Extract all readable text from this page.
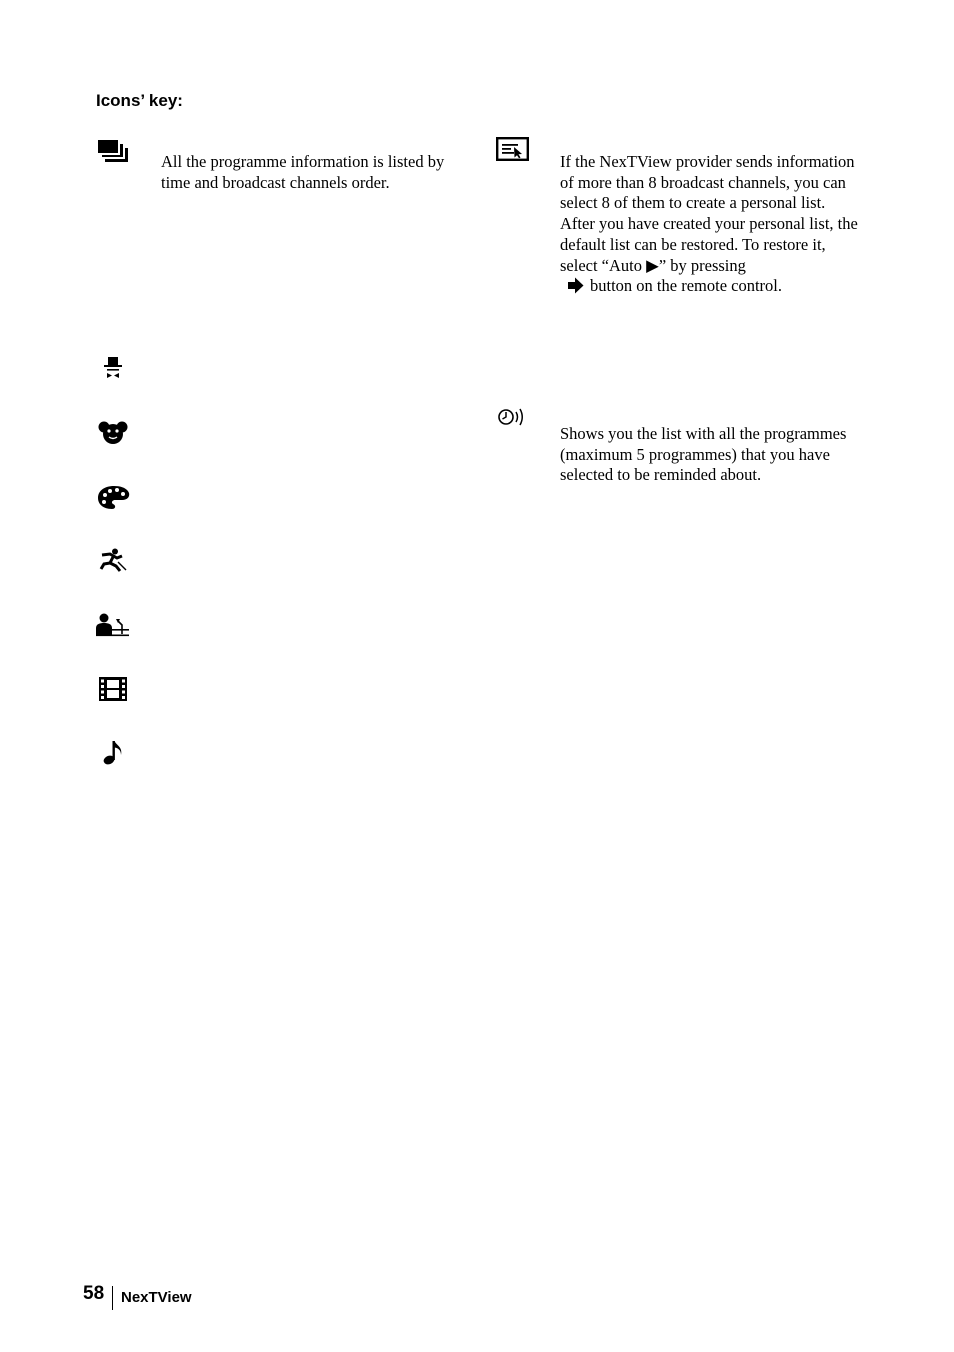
Icons’ key:

All the programme information is listed by time and broadcast channels order.

If the NexTView provider sends information of more than 8 broadcast channels, you can select 8 of them to create a personal list.
After you have created your personal list, the default list can be restored. To restore it, select “Auto ▶” by pressing
button on the remote control.

Shows you the list with all the programmes (maximum 5 programmes) that you have selected to be reminded about.

58 NexTView
